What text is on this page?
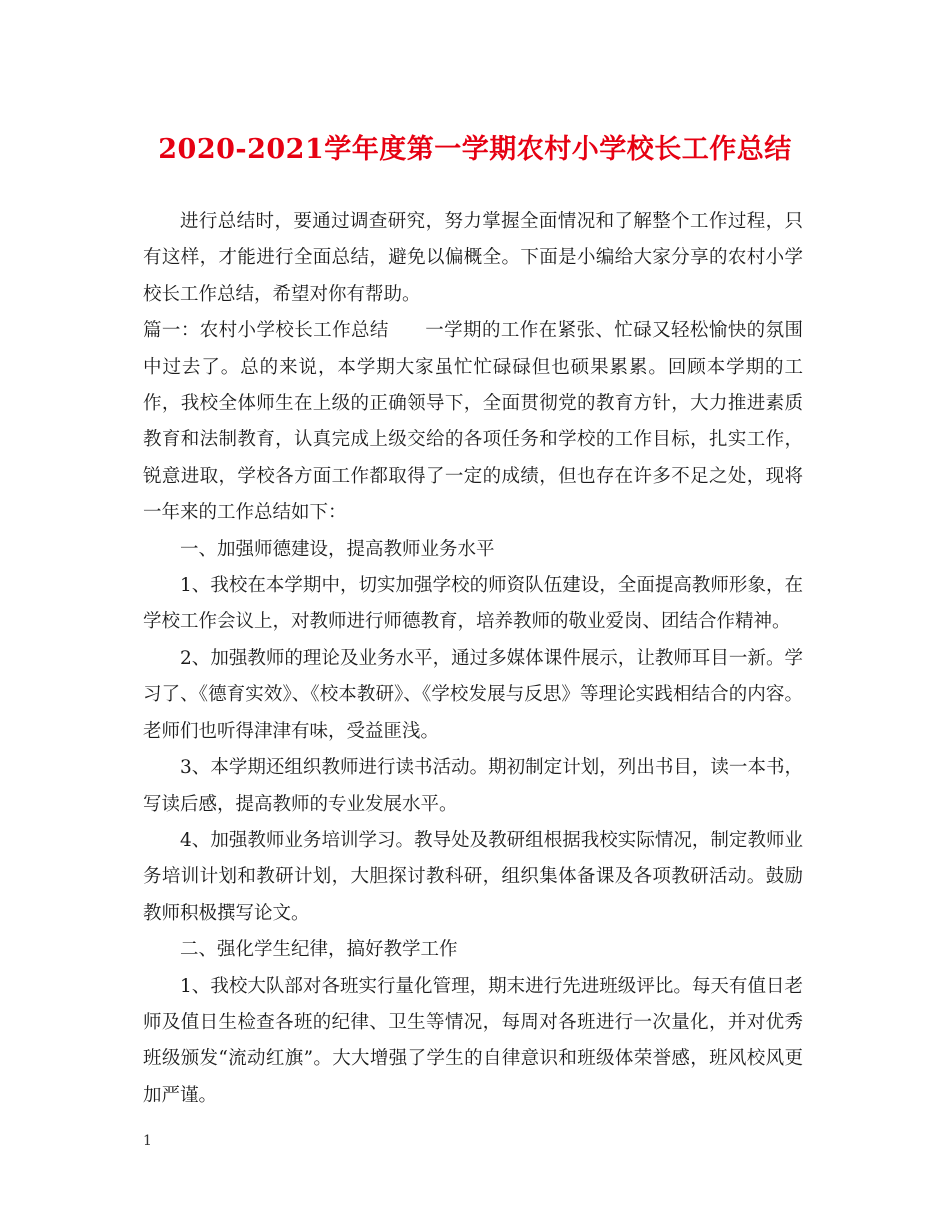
2020-2021学年度第一学期农村小学校长工作总结

进行总结时，要通过调查研究，努力掌握全面情况和了解整个工作过程，只有这样，才能进行全面总结，避免以偏概全。下面是小编给大家分享的农村小学校长工作总结，希望对你有帮助。

篇一：农村小学校长工作总结 一学期的工作在紧张、忙碌又轻松愉快的氛围中过去了。总的来说，本学期大家虽忙忙碌碌但也硕果累累。回顾本学期的工作，我校全体师生在上级的正确领导下，全面贯彻党的教育方针，大力推进素质教育和法制教育，认真完成上级交给的各项任务和学校的工作目标，扎实工作，锐意进取，学校各方面工作都取得了一定的成绩，但也存在许多不足之处，现将一年来的工作总结如下：

一、加强师德建设，提高教师业务水平

1、我校在本学期中，切实加强学校的师资队伍建设，全面提高教师形象，在学校工作会议上，对教师进行师德教育，培养教师的敬业爱岗、团结合作精神。

2、加强教师的理论及业务水平，通过多媒体课件展示，让教师耳目一新。学习了、《德育实效》、《校本教研》、《学校发展与反思》等理论实践相结合的内容。老师们也听得津津有味，受益匪浅。

3、本学期还组织教师进行读书活动。期初制定计划，列出书目，读一本书，写读后感，提高教师的专业发展水平。

4、加强教师业务培训学习。教导处及教研组根据我校实际情况，制定教师业务培训计划和教研计划，大胆探讨教科研，组织集体备课及各项教研活动。鼓励教师积极撰写论文。

二、强化学生纪律，搞好教学工作

1、我校大队部对各班实行量化管理，期末进行先进班级评比。每天有值日老师及值日生检查各班的纪律、卫生等情况，每周对各班进行一次量化，并对优秀班级颁发“流动红旗”。大大增强了学生的自律意识和班级体荣誉感，班风校风更加严谨。

1
